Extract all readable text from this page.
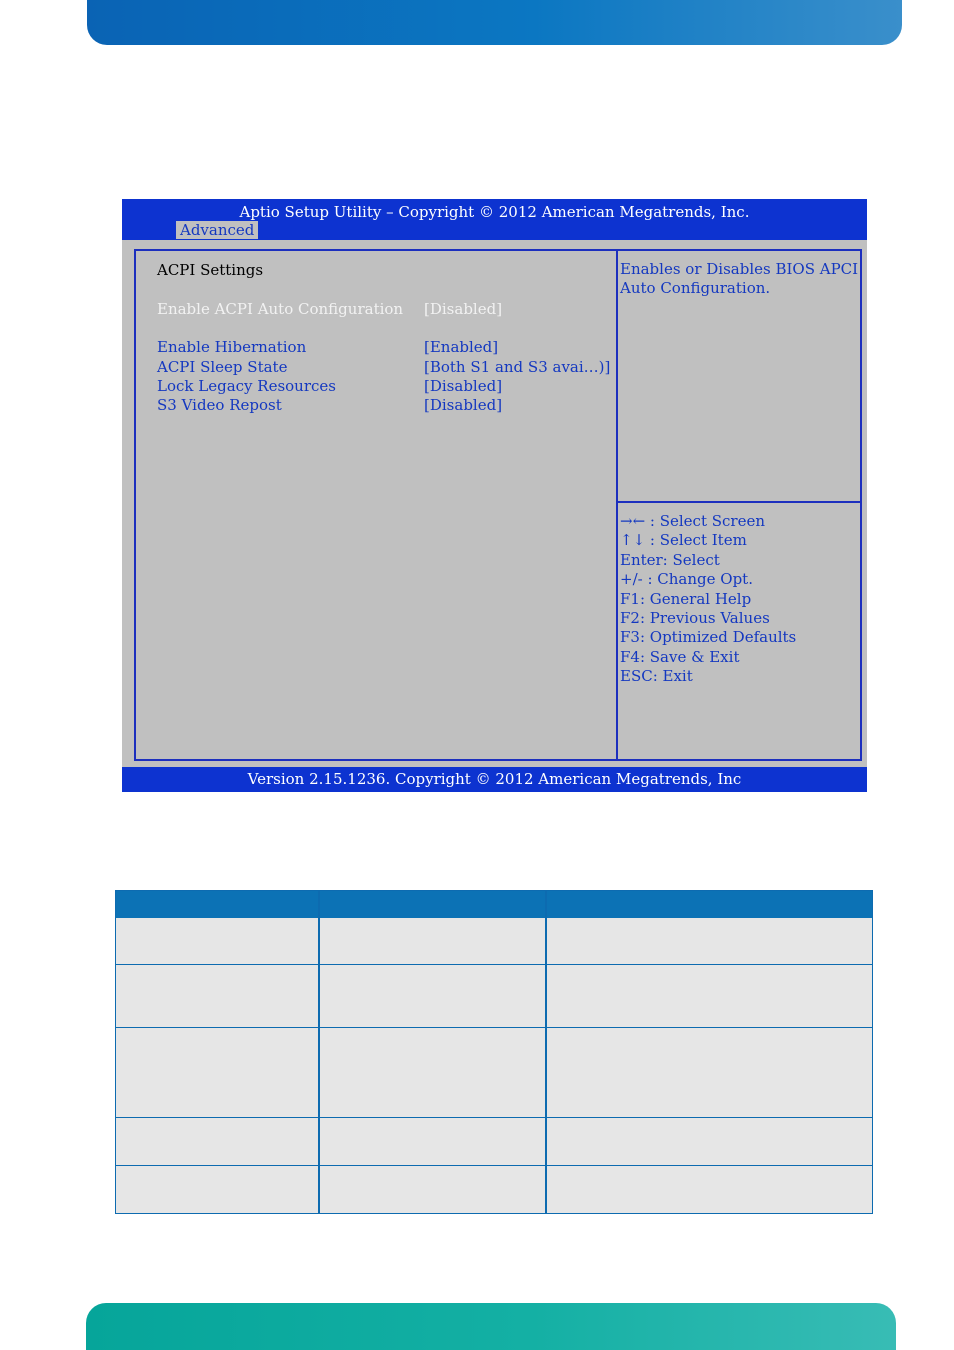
Aptio Setup Utility – Copyright © 2012 American Megatrends, Inc.
Advanced
ACPI Settings
Enable ACPI Auto Configuration [Disabled]
Enable Hibernation	[Enabled]
ACPI Sleep State	[Both S1 and S3 avai…)]
Lock Legacy Resources	[Disabled]
S3 Video Repost	[Disabled]
Enables or Disables BIOS APCI Auto Configuration.
→← : Select Screen
↑↓ : Select Item
Enter: Select
+/- : Change Opt.
F1: General Help
F2: Previous Values
F3: Optimized Defaults
F4: Save & Exit
ESC: Exit
Version 2.15.1236. Copyright © 2012 American Megatrends, Inc
